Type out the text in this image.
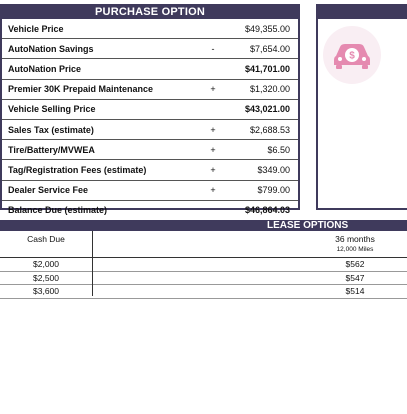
PURCHASE OPTION
Vehicle Price	$49,355.00
AutoNation Savings	-	$7,654.00
AutoNation Price	$41,701.00
Premier 30K Prepaid Maintenance	+	$1,320.00
Vehicle Selling Price	$43,021.00
Sales Tax (estimate)	+	$2,688.53
Tire/Battery/MVWEA	+	$6.50
Tag/Registration Fees (estimate)	+	$349.00
Dealer Service Fee	+	$799.00
Balance Due (estimate)	$46,864.03
$
LEASE OPTIONS
Cash Due	36 months
12,000 Miles
$2,000	$562
$2,500	$547
$3,600	$514
